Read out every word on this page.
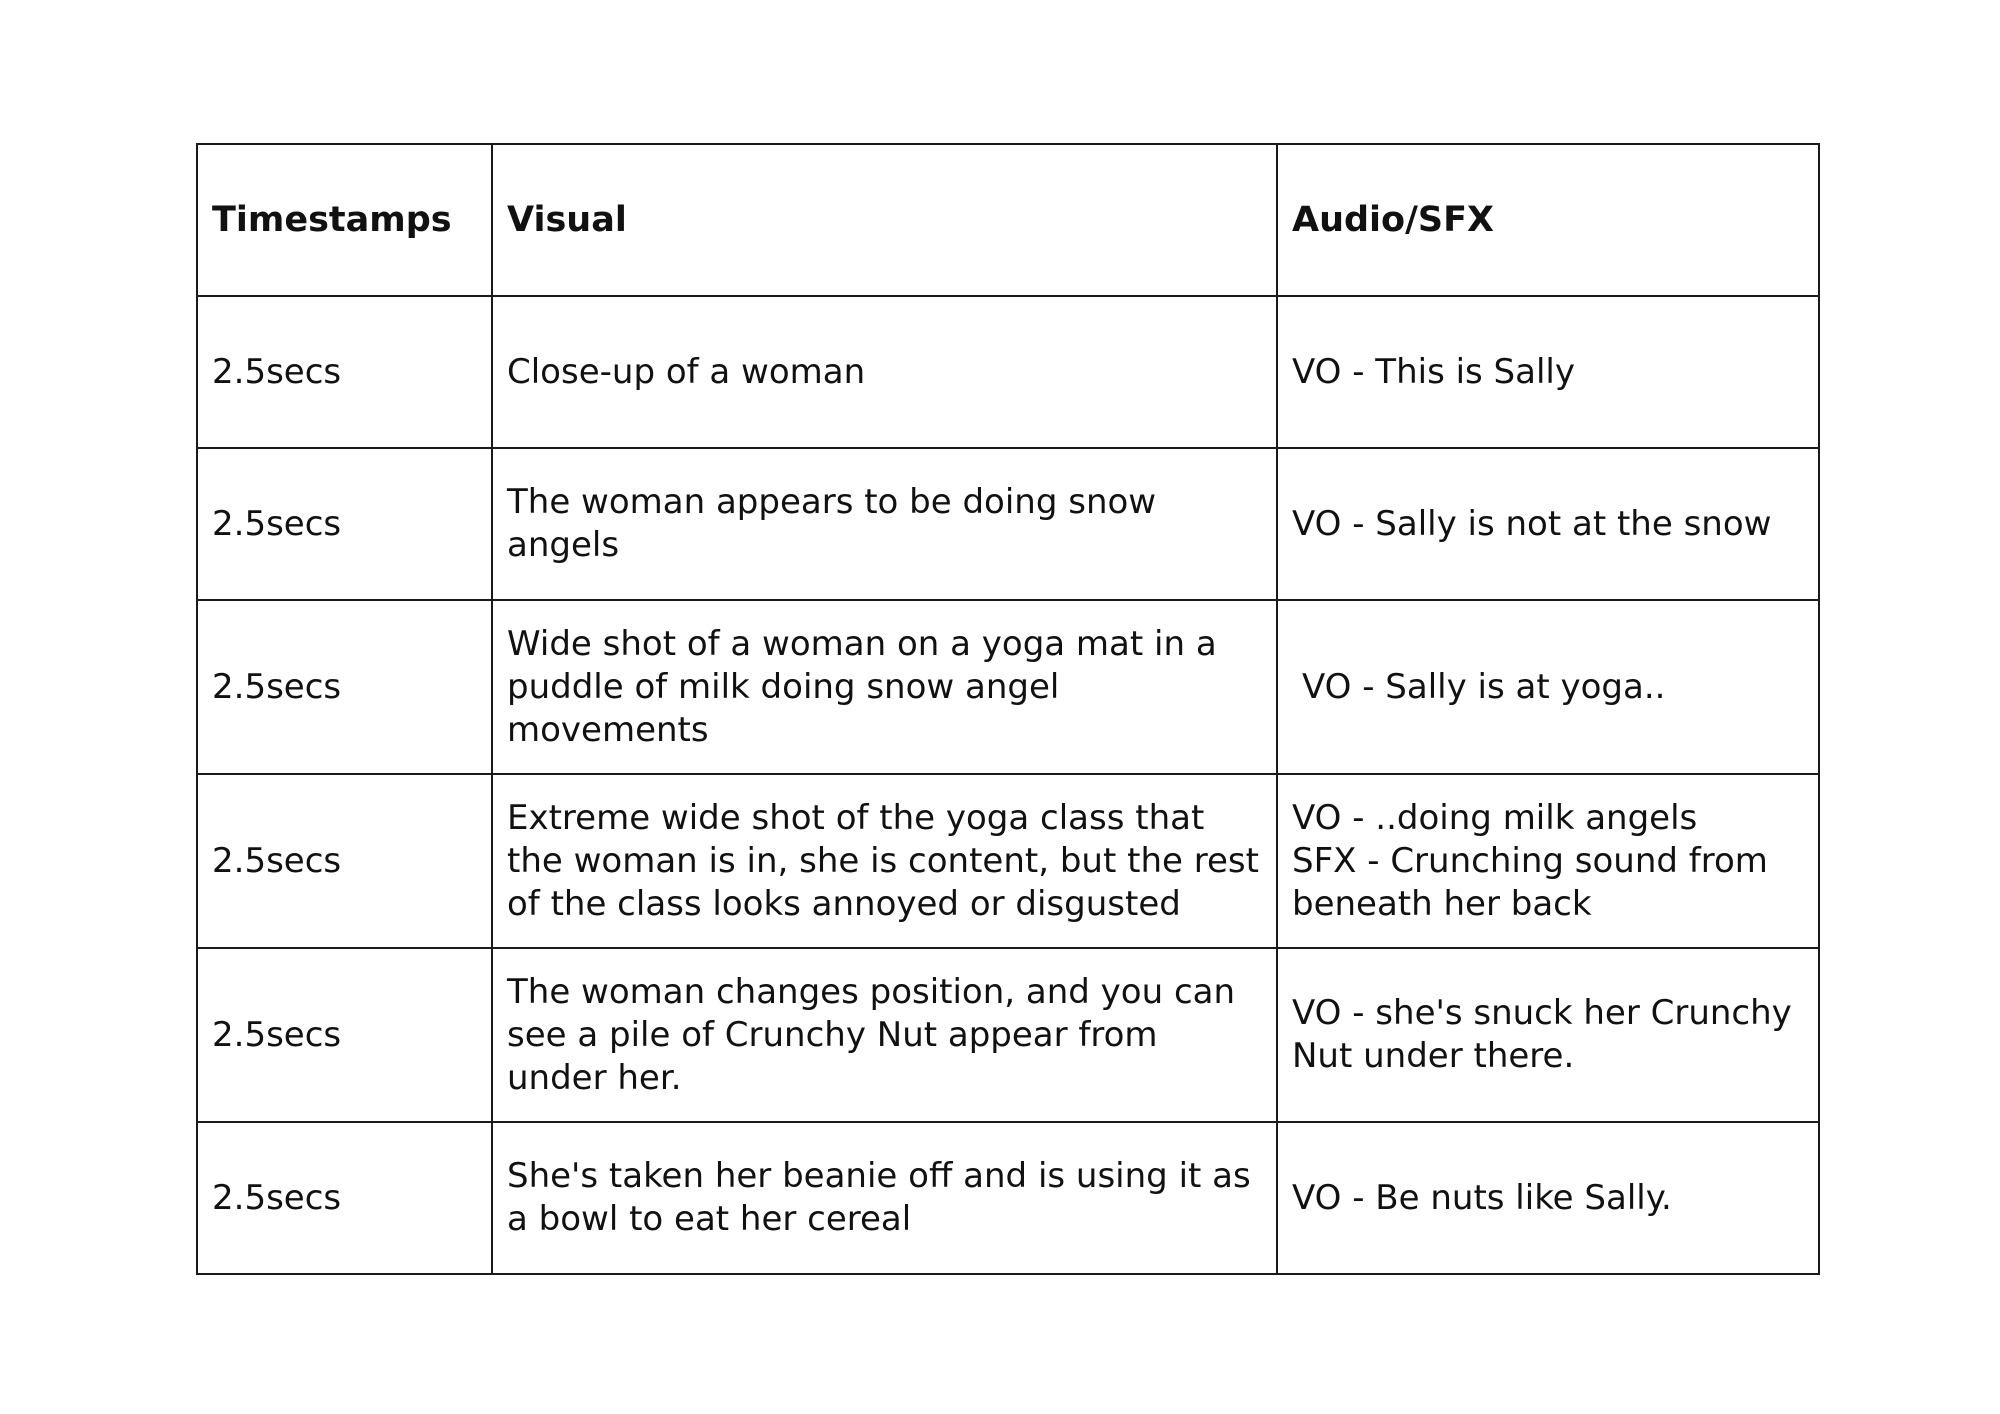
Timestamps	Visual	Audio/SFX

2.5secs	Close-up of a woman	VO - This is Sally

2.5secs	The woman appears to be doing snow angels	VO - Sally is not at the snow

2.5secs	Wide shot of a woman on a yoga mat in a puddle of milk doing snow angel movements	VO - Sally is at yoga..

2.5secs	Extreme wide shot of the yoga class that the woman is in, she is content, but the rest of the class looks annoyed or disgusted	VO - ..doing milk angels
SFX - Crunching sound from beneath her back

2.5secs	The woman changes position, and you can see a pile of Crunchy Nut appear from under her.	VO - she's snuck her Crunchy Nut under there.

2.5secs	She's taken her beanie off and is using it as a bowl to eat her cereal	VO - Be nuts like Sally.
